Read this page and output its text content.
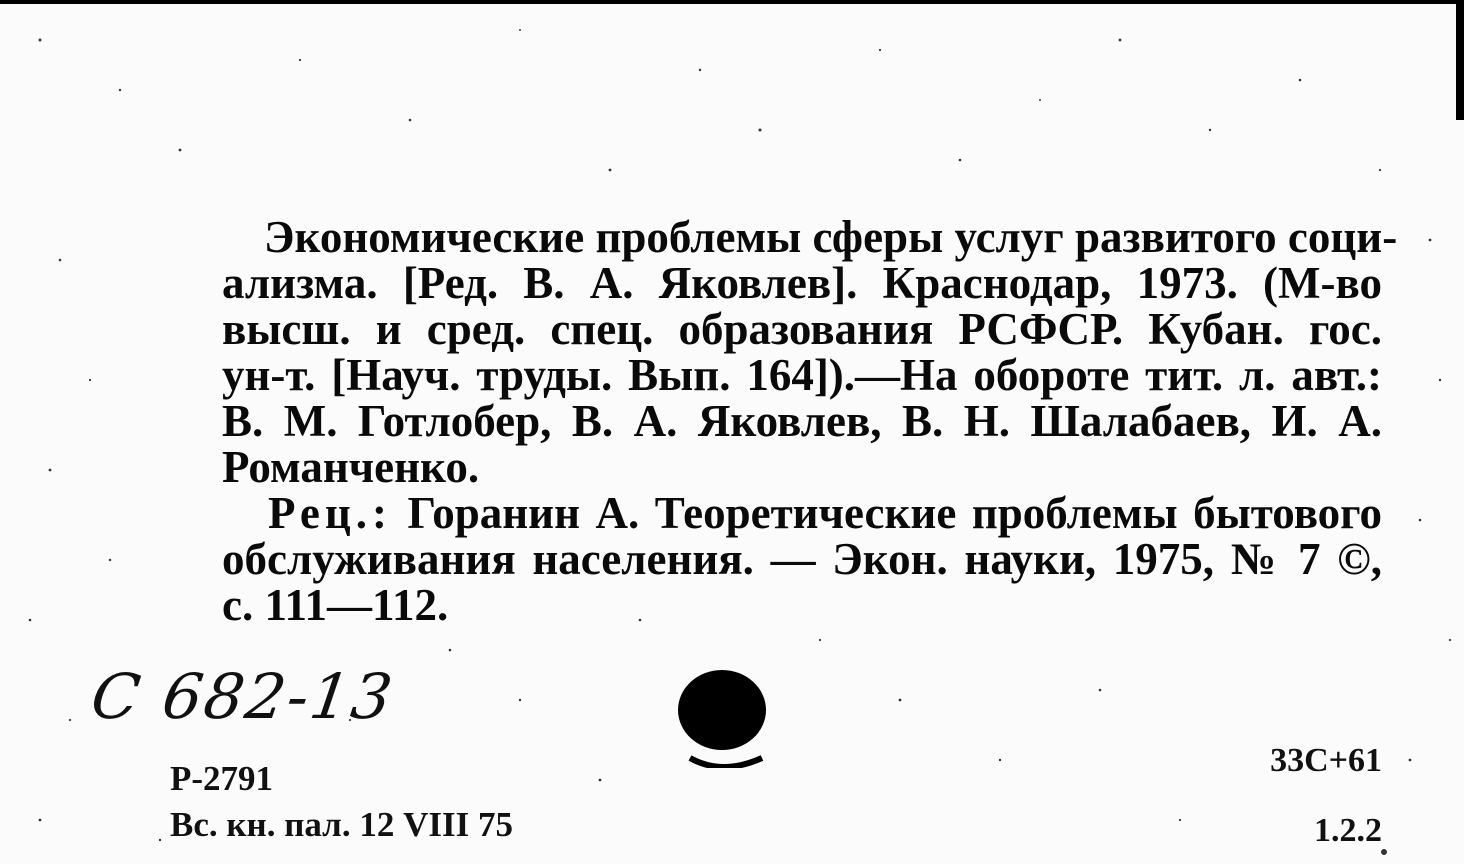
Экономические проблемы сферы услуг развитого соци-
ализма. [Ред. В. А. Яковлев]. Краснодар, 1973. (М-во
высш. и сред. спец. образования РСФСР. Кубан. гос.
ун-т. [Науч. труды. Вып. 164]).—На обороте тит. л. авт.:
В. М. Готлобер, В. А. Яковлев, В. Н. Шалабаев, И. А.
Романченко.
Рец.: Горанин А. Теоретические проблемы бытового
обслуживания населения. — Экон. науки, 1975, № 7 ©,
с. 111—112.
С 682-13
Р-2791
Вс. кн. пал. 12 VIII 75
33С+61
1.2.2
